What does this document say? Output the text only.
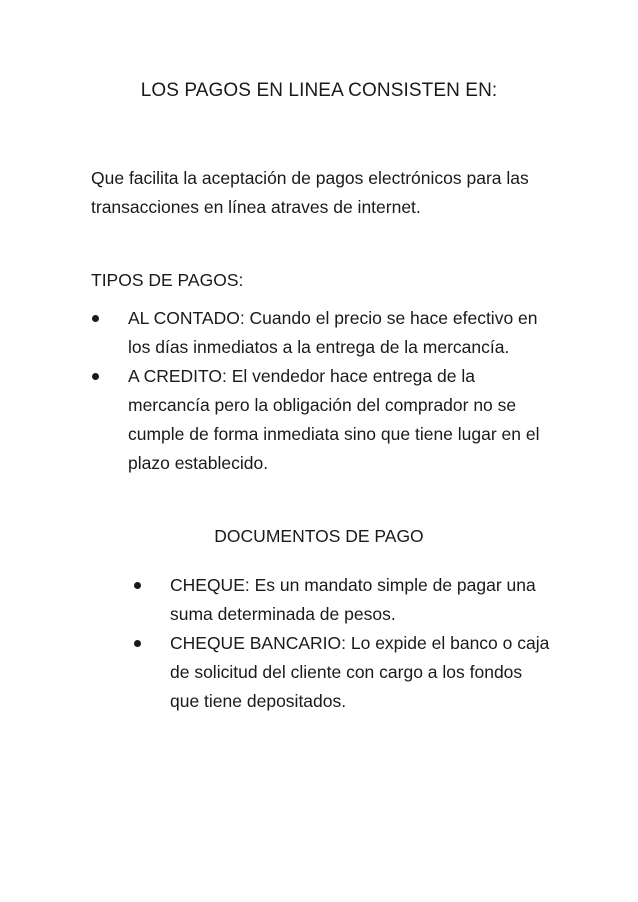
LOS PAGOS EN LINEA CONSISTEN EN:
Que facilita la aceptación de pagos electrónicos para las transacciones en línea atraves de internet.
TIPOS DE PAGOS:
AL CONTADO: Cuando el precio se hace efectivo en los días inmediatos a la entrega de la mercancía.
A CREDITO: El vendedor hace entrega de la mercancía pero la obligación del comprador no se cumple de forma inmediata sino que tiene lugar en el plazo establecido.
DOCUMENTOS DE PAGO
CHEQUE: Es un mandato simple de pagar una suma determinada de pesos.
CHEQUE BANCARIO: Lo expide el banco o caja de solicitud del cliente con cargo a los fondos que tiene depositados.
